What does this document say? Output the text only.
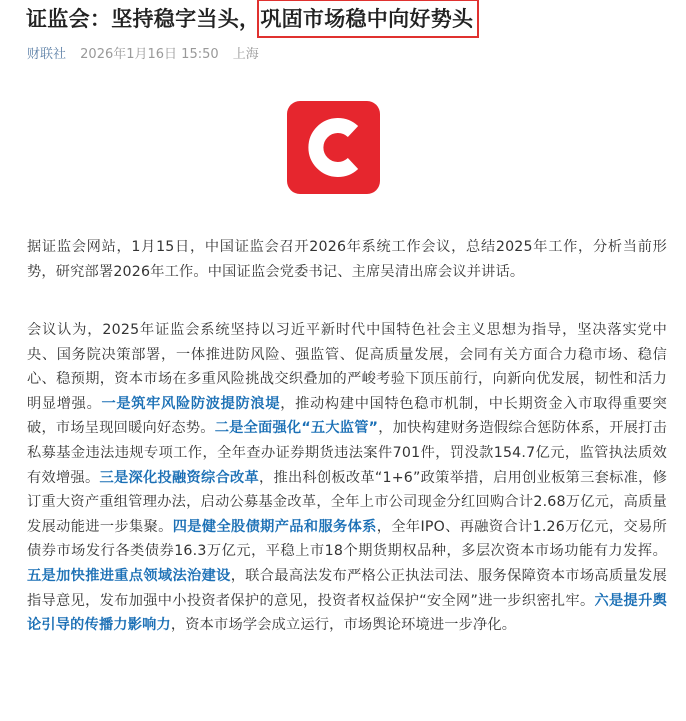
证监会：坚持稳字当头，巩固市场稳中向好势头
财联社 2026年1月16日 15:50 上海
C

据证监会网站，1月15日，中国证监会召开2026年系统工作会议，总结2025年工作，分析当前形势，研究部署2026年工作。中国证监会党委书记、主席吴清出席会议并讲话。

会议认为，2025年证监会系统坚持以习近平新时代中国特色社会主义思想为指导，坚决落实党中央、国务院决策部署，一体推进防风险、强监管、促高质量发展，会同有关方面合力稳市场、稳信心、稳预期，资本市场在多重风险挑战交织叠加的严峻考验下顶压前行，向新向优发展，韧性和活力明显增强。一是筑牢风险防波提防浪堤，推动构建中国特色稳市机制，中长期资金入市取得重要突破，市场呈现回暖向好态势。二是全面强化“五大监管”，加快构建财务造假综合惩防体系，开展打击私募基金违法违规专项工作，全年查办证券期货违法案件701件，罚没款154.7亿元，监管执法质效有效增强。三是深化投融资综合改革，推出科创板改革“1+6”政策举措，启用创业板第三套标准，修订重大资产重组管理办法，启动公募基金改革，全年上市公司现金分红回购合计2.68万亿元，高质量发展动能进一步集聚。四是健全股债期产品和服务体系，全年IPO、再融资合计1.26万亿元，交易所债券市场发行各类债券16.3万亿元，平稳上市18个期货期权品种，多层次资本市场功能有力发挥。五是加快推进重点领域法治建设，联合最高法发布严格公正执法司法、服务保障资本市场高质量发展指导意见，发布加强中小投资者保护的意见，投资者权益保护“安全网”进一步织密扎牢。六是提升舆论引导的传播力影响力，资本市场学会成立运行，市场舆论环境进一步净化。
